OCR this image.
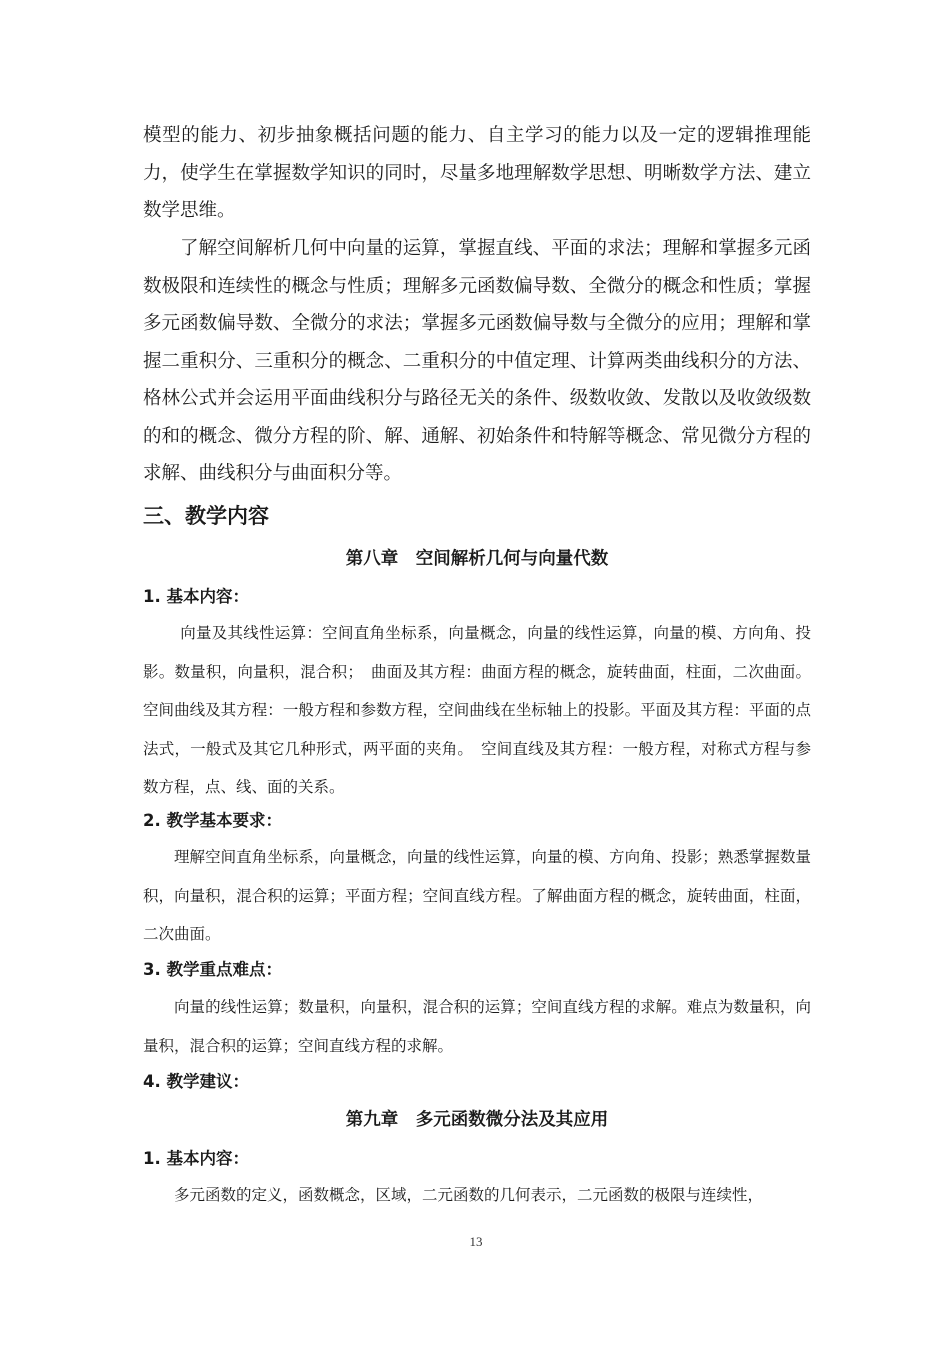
模型的能力、初步抽象概括问题的能力、自主学习的能力以及一定的逻辑推理能力，使学生在掌握数学知识的同时，尽量多地理解数学思想、明晰数学方法、建立数学思维。

了解空间解析几何中向量的运算，掌握直线、平面的求法；理解和掌握多元函数极限和连续性的概念与性质；理解多元函数偏导数、全微分的概念和性质；掌握多元函数偏导数、全微分的求法；掌握多元函数偏导数与全微分的应用；理解和掌握二重积分、三重积分的概念、二重积分的中值定理、计算两类曲线积分的方法、格林公式并会运用平面曲线积分与路径无关的条件、级数收敛、发散以及收敛级数的和的概念、微分方程的阶、解、通解、初始条件和特解等概念、常见微分方程的求解、曲线积分与曲面积分等。

三、教学内容
第八章　空间解析几何与向量代数
1. 基本内容：

向量及其线性运算：空间直角坐标系，向量概念，向量的线性运算，向量的模、方向角、投影。数量积，向量积，混合积；　曲面及其方程：曲面方程的概念，旋转曲面，柱面，二次曲面。空间曲线及其方程：一般方程和参数方程，空间曲线在坐标轴上的投影。平面及其方程：平面的点法式，一般式及其它几种形式，两平面的夹角。　空间直线及其方程：一般方程，对称式方程与参数方程，点、线、面的关系。

2. 教学基本要求：

理解空间直角坐标系，向量概念，向量的线性运算，向量的模、方向角、投影；熟悉掌握数量积，向量积，混合积的运算；平面方程；空间直线方程。了解曲面方程的概念，旋转曲面，柱面，二次曲面。

3. 教学重点难点：

向量的线性运算；数量积，向量积，混合积的运算；空间直线方程的求解。难点为数量积，向量积，混合积的运算；空间直线方程的求解。

4. 教学建议：
第九章　多元函数微分法及其应用
1. 基本内容：

多元函数的定义，函数概念，区域，二元函数的几何表示，二元函数的极限与连续性，

13
